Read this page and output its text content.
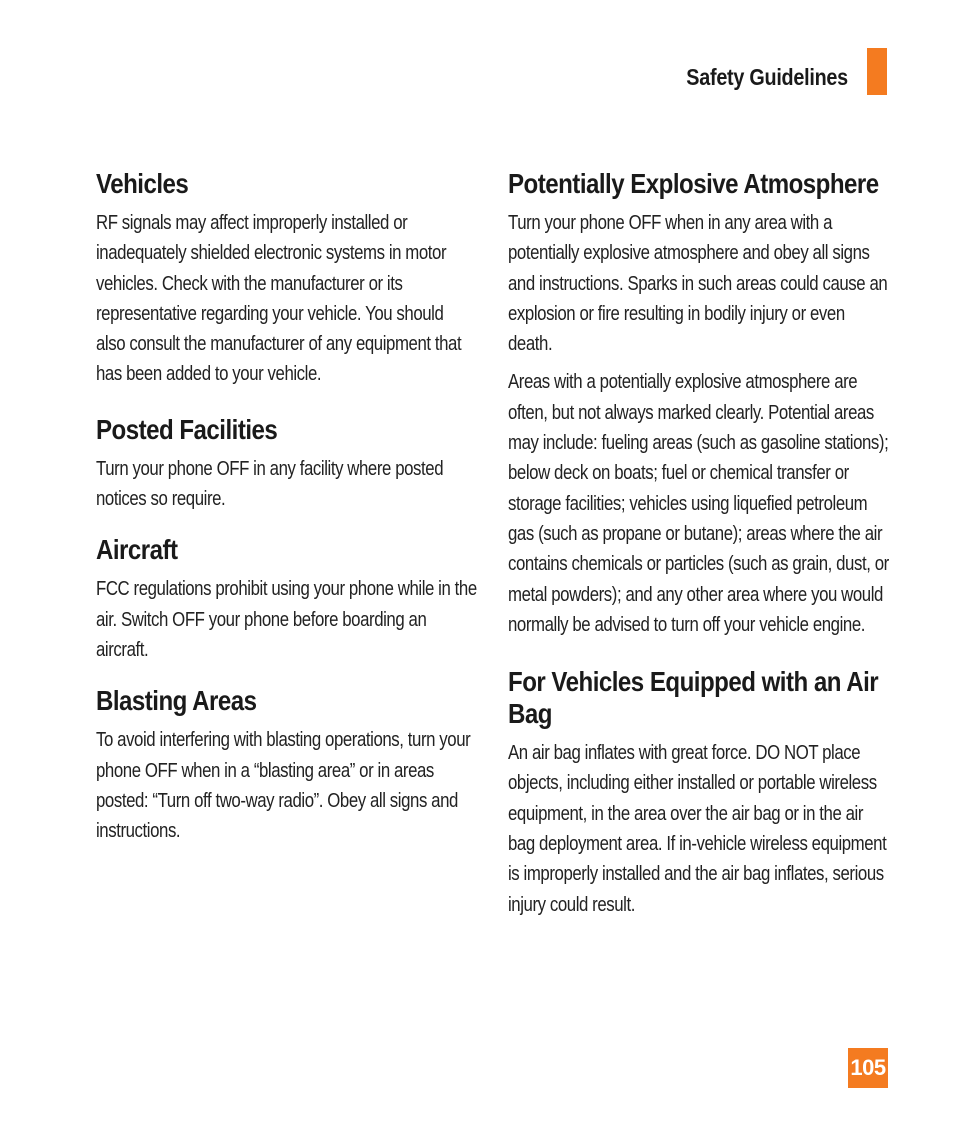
Safety Guidelines
Vehicles

RF signals may affect improperly installed or inadequately shielded electronic systems in motor vehicles. Check with the manufacturer or its representative regarding your vehicle. You should also consult the manufacturer of any equipment that has been added to your vehicle.

Posted Facilities

Turn your phone OFF in any facility where posted notices so require.

Aircraft

FCC regulations prohibit using your phone while in the air. Switch OFF your phone before boarding an aircraft.

Blasting Areas

To avoid interfering with blasting operations, turn your phone OFF when in a “blasting area” or in areas posted: “Turn off two-way radio”. Obey all signs and instructions.

Potentially Explosive Atmosphere

Turn your phone OFF when in any area with a potentially explosive atmosphere and obey all signs and instructions. Sparks in such areas could cause an explosion or fire resulting in bodily injury or even death.

Areas with a potentially explosive atmosphere are often, but not always marked clearly. Potential areas may include: fueling areas (such as gasoline stations); below deck on boats; fuel or chemical transfer or storage facilities; vehicles using liquefied petroleum gas (such as propane or butane); areas where the air contains chemicals or particles (such as grain, dust, or metal powders); and any other area where you would normally be advised to turn off your vehicle engine.

For Vehicles Equipped with an Air Bag

An air bag inflates with great force. DO NOT place objects, including either installed or portable wireless equipment, in the area over the air bag or in the air bag deployment area. If in-vehicle wireless equipment is improperly installed and the air bag inflates, serious injury could result.

105
